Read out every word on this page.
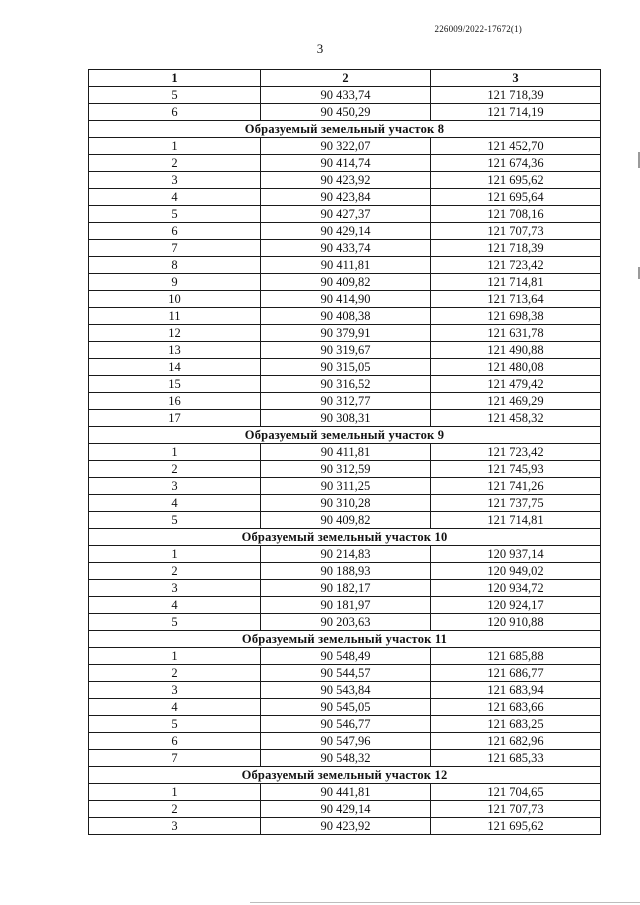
226009/2022-17672(1)
3
1	2	3
5	90 433,74	121 718,39
6	90 450,29	121 714,19
Образуемый земельный участок 8		
1	90 322,07	121 452,70
2	90 414,74	121 674,36
3	90 423,92	121 695,62
4	90 423,84	121 695,64
5	90 427,37	121 708,16
6	90 429,14	121 707,73
7	90 433,74	121 718,39
8	90 411,81	121 723,42
9	90 409,82	121 714,81
10	90 414,90	121 713,64
11	90 408,38	121 698,38
12	90 379,91	121 631,78
13	90 319,67	121 490,88
14	90 315,05	121 480,08
15	90 316,52	121 479,42
16	90 312,77	121 469,29
17	90 308,31	121 458,32
Образуемый земельный участок 9		
1	90 411,81	121 723,42
2	90 312,59	121 745,93
3	90 311,25	121 741,26
4	90 310,28	121 737,75
5	90 409,82	121 714,81
Образуемый земельный участок 10		
1	90 214,83	120 937,14
2	90 188,93	120 949,02
3	90 182,17	120 934,72
4	90 181,97	120 924,17
5	90 203,63	120 910,88
Образуемый земельный участок 11		
1	90 548,49	121 685,88
2	90 544,57	121 686,77
3	90 543,84	121 683,94
4	90 545,05	121 683,66
5	90 546,77	121 683,25
6	90 547,96	121 682,96
7	90 548,32	121 685,33
Образуемый земельный участок 12		
1	90 441,81	121 704,65
2	90 429,14	121 707,73
3	90 423,92	121 695,62
